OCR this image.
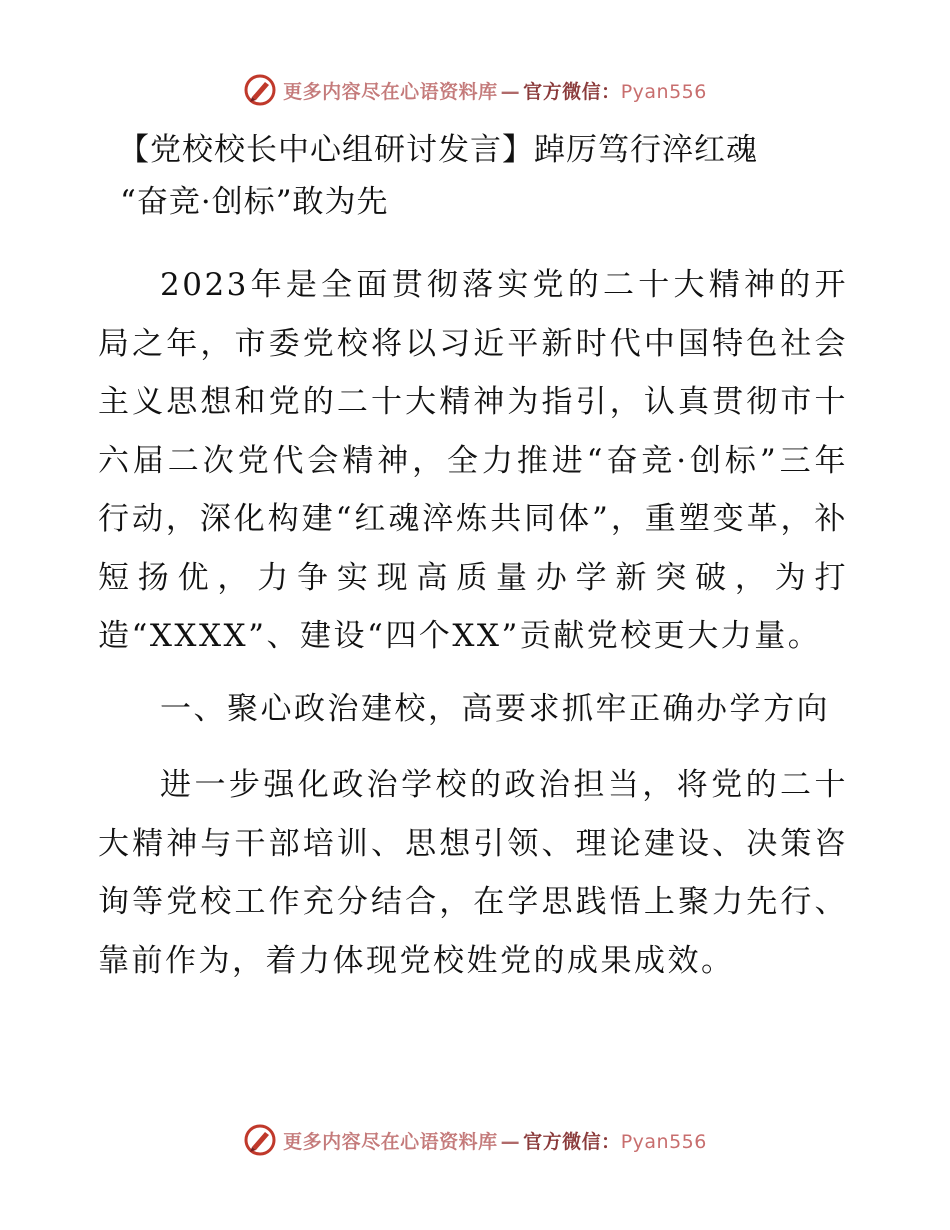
更多内容尽在心语资料库 — 官方微信：Pyan556
【党校校长中心组研讨发言】踔厉笃行淬红魂
“奋竞·创标”敢为先

2023年是全面贯彻落实党的二十大精神的开局之年，市委党校将以习近平新时代中国特色社会主义思想和党的二十大精神为指引，认真贯彻市十六届二次党代会精神，全力推进“奋竞·创标”三年行动，深化构建“红魂淬炼共同体”，重塑变革，补短扬优，力争实现高质量办学新突破，为打造“XXXX”、建设“四个XX”贡献党校更大力量。

一、聚心政治建校，高要求抓牢正确办学方向

进一步强化政治学校的政治担当，将党的二十大精神与干部培训、思想引领、理论建设、决策咨询等党校工作充分结合，在学思践悟上聚力先行、靠前作为，着力体现党校姓党的成果成效。

更多内容尽在心语资料库 — 官方微信：Pyan556
